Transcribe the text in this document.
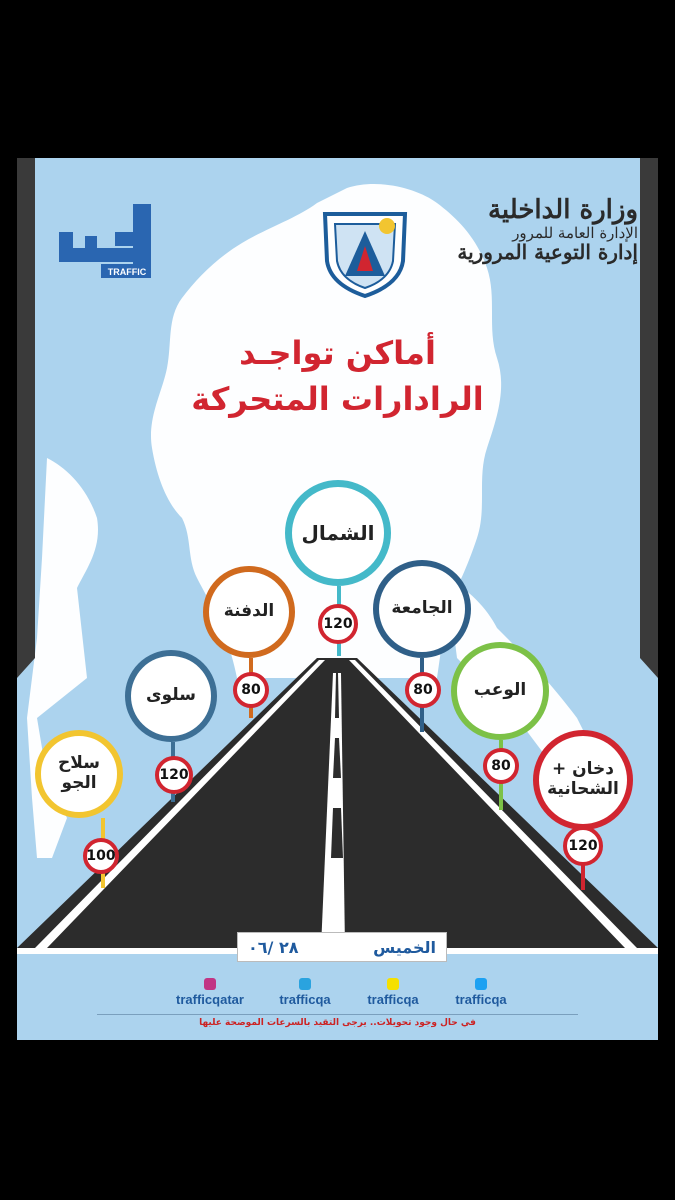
TRAFFIC
وزارة الداخلية
الإدارة العامة للمرور
إدارة التوعية المرورية
أماكن تواجـد
الرادارات المتحركة
سلاح الجو
100
سلوى
120
الدفنة
80
الشمال
120
الجامعة
80	الوعب
80	دخان + الشحانية
120
٢٨ /٠٦	الخميس
trafficqatar	trafficqa	trafficqa	trafficqa
في حال وجود تحويلات.. يرجى التقيد بالسرعات الموضحة عليها
